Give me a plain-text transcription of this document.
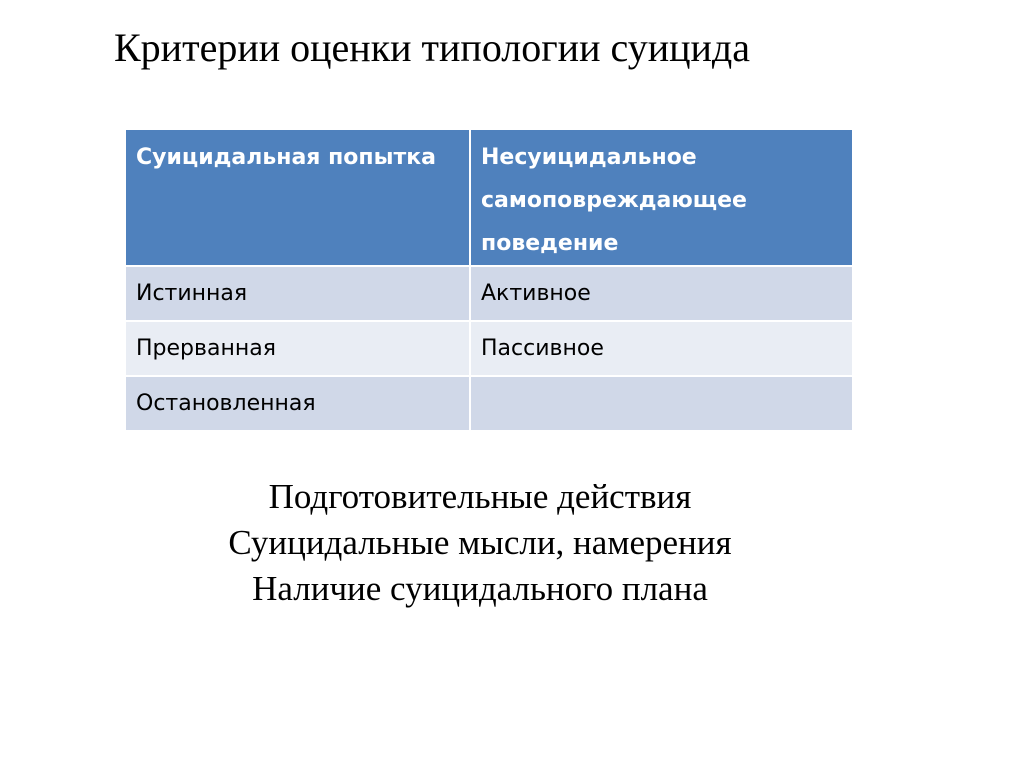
Критерии оценки типологии суицида
Суицидальная попытка	Несуицидальное самоповреждающее поведение
Истинная	Активное
Прерванная	Пассивное
Остановленная	
Подготовительные действия
Суицидальные мысли, намерения
Наличие суицидального плана
